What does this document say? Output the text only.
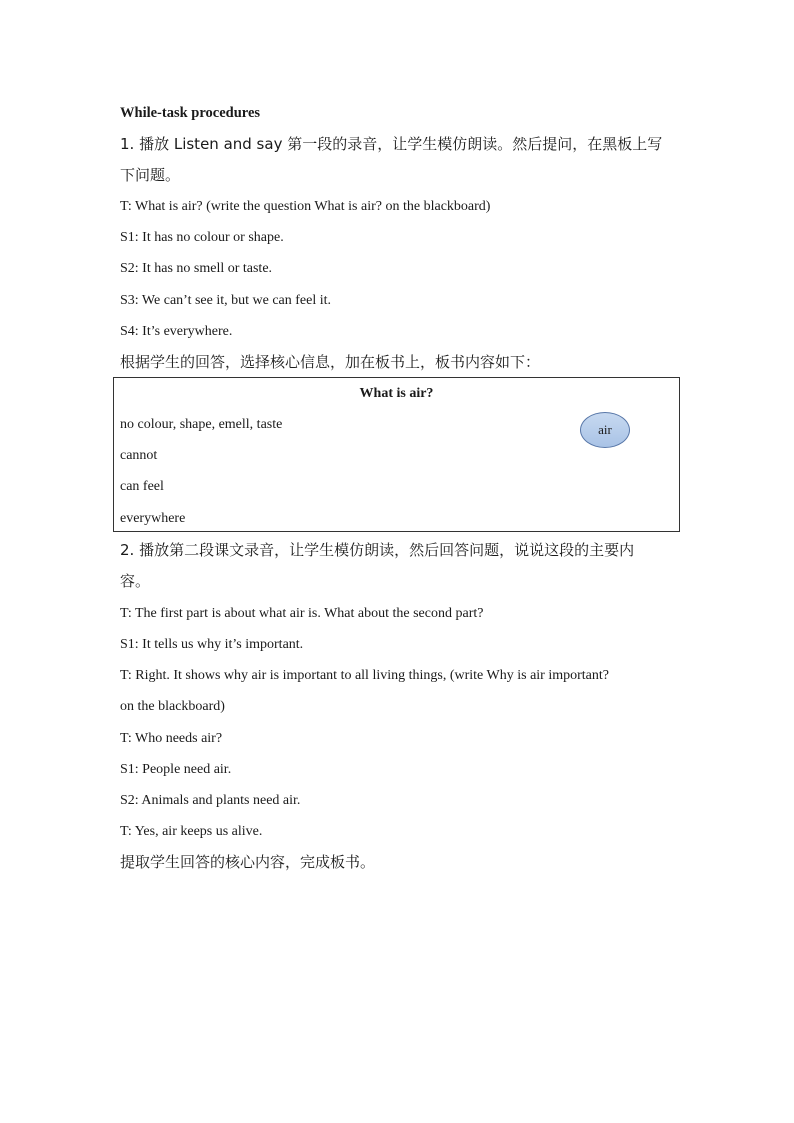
While-task procedures
1. 播放 Listen and say 第一段的录音，让学生模仿朗读。然后提问，在黑板上写
下问题。
T: What is air? (write the question What is air? on the blackboard)
S1: It has no colour or shape.
S2: It has no smell or taste.
S3: We can’t see it, but we can feel it.
S4: It’s everywhere.
根据学生的回答，选择核心信息，加在板书上，板书内容如下：
What is air?
no colour, shape, emell, taste
cannot
can feel
everywhere
air
2. 播放第二段课文录音，让学生模仿朗读，然后回答问题，说说这段的主要内
容。
T: The first part is about what air is. What about the second part?
S1: It tells us why it’s important.
T: Right. It shows why air is important to all living things, (write Why is air important?
on the blackboard)
T: Who needs air?
S1: People need air.
S2: Animals and plants need air.
T: Yes, air keeps us alive.
提取学生回答的核心内容，完成板书。
